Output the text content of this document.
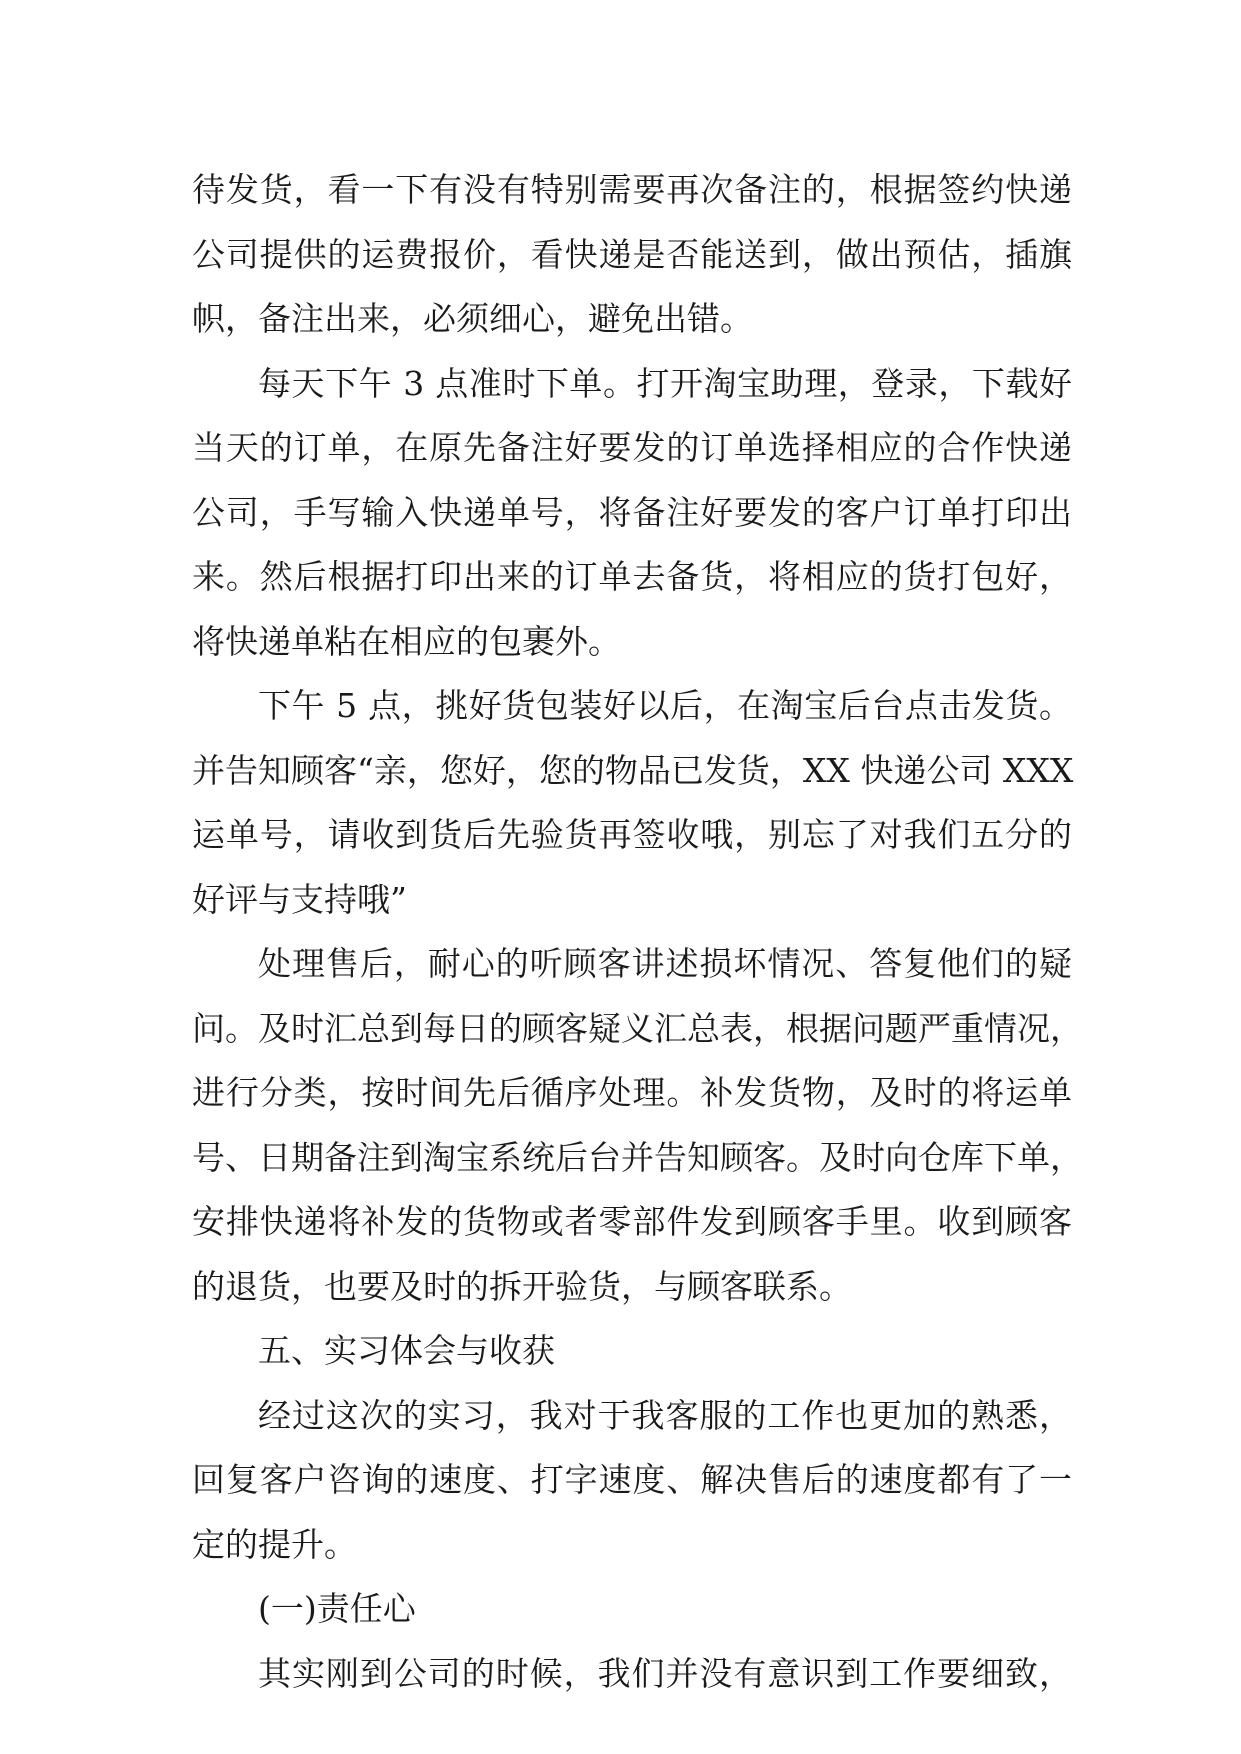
待发货，看一下有没有特别需要再次备注的，根据签约快递
公司提供的运费报价，看快递是否能送到，做出预估，插旗
帜，备注出来，必须细心，避免出错。
每天下午 3 点准时下单。打开淘宝助理，登录，下载好
当天的订单，在原先备注好要发的订单选择相应的合作快递
公司，手写输入快递单号，将备注好要发的客户订单打印出
来。然后根据打印出来的订单去备货，将相应的货打包好，
将快递单粘在相应的包裹外。
下午 5 点，挑好货包装好以后，在淘宝后台点击发货。
并告知顾客“亲，您好，您的物品已发货，XX 快递公司 XXX
运单号，请收到货后先验货再签收哦，别忘了对我们五分的
好评与支持哦”
处理售后，耐心的听顾客讲述损坏情况、答复他们的疑
问。及时汇总到每日的顾客疑义汇总表，根据问题严重情况，
进行分类，按时间先后循序处理。补发货物，及时的将运单
号、日期备注到淘宝系统后台并告知顾客。及时向仓库下单，
安排快递将补发的货物或者零部件发到顾客手里。收到顾客
的退货，也要及时的拆开验货，与顾客联系。
五、实习体会与收获
经过这次的实习，我对于我客服的工作也更加的熟悉，
回复客户咨询的速度、打字速度、解决售后的速度都有了一
定的提升。
(一)责任心
其实刚到公司的时候，我们并没有意识到工作要细致，
